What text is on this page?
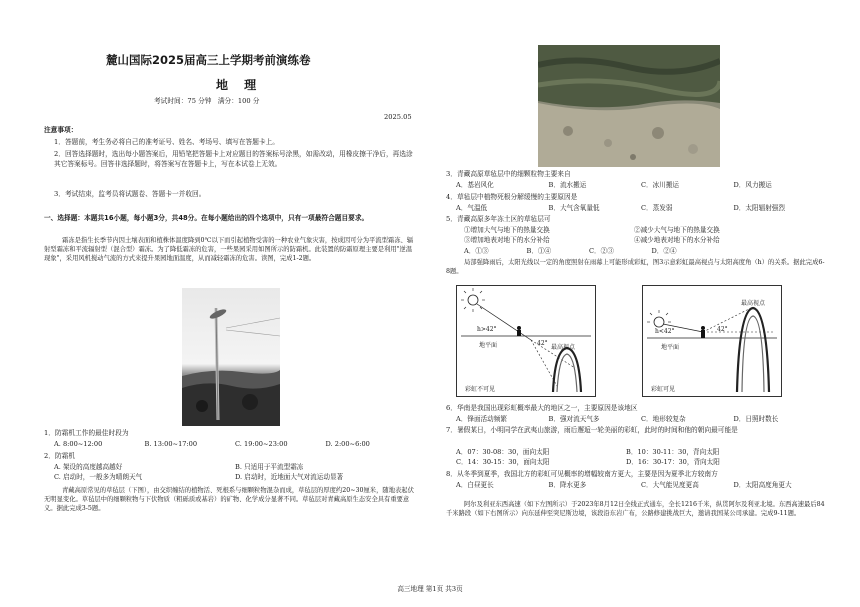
麓山国际2025届高三上学期考前演练卷
地 理
考试时间：75 分钟   满分：100 分
2025.05
注意事项：
1．答题前，考生务必将自己的准考证号、姓名、考场号、填写在答题卡上。
2．回答选择题时，选出每小题答案后，用铅笔把答题卡上对应题目的答案标号涂黑，如需改动，用橡皮擦干净后，再选涂其它答案标号。回答非选择题时，将答案写在答题卡上，写在本试卷上无效。
3．考试结束，监考员将试题卷、答题卡一并收回。
一、选择题：本题共16小题，每小题3分，共48分。在每小题给出的四个选项中，只有一项最符合题目要求。
霜冻是指生长季节内因土壤表面和植株体温度降到0℃以下而引起植物受害的一种农业气象灾害，按成因可分为平流型霜冻、辐射型霜冻和平流辐射型（混合型）霜冻。为了降低霜冻的危害，一些果园采用如图所示的防霜机。此装置的防霜原理主要是利用"逆温现象"，采用风机搅动气流的方式来提升果园地面温度，从而减轻霜冻的危害。读图，完成1-2题。
1．防霜机工作的最佳时段为
A. 8:00~12:00	B. 13:00~17:00	C. 19:00~23:00	D. 2:00~6:00
2．防霜机
A. 架设的高度越高越好	B. 只适用于平流型霜冻
C. 启动时，一般多为晴朗天气	D. 启动时，近地面大气对流运动显著
青藏高原常见的草毡层（下图），由交织缠结的植物活、死根系与细颗粒物混杂而成，草毡层的厚度约20~30厘米，随地表起伏无明显变化。草毡层中的细颗粒物与下伏物质（粗砾质或基岩）的矿物、化学成分显著不同。草毡层对青藏高原生态安全具有重要意义。据此完成3-5题。
3．青藏高原草毡层中的细颗粒物主要来自
A．基岩风化	B．流水搬运	C．冰川搬运	D．风力搬运
4．草毡层中植物死根分解缓慢的主要原因是
A．气温低	B．大气含氧量低	C．蒸发弱	D．太阳辐射强烈
5．青藏高原多年冻土区的草毡层可
①增加大气与地下的热量交换	②减少大气与地下的热量交换
③增加地表对地下的水分补给	④减少地表对地下的水分补给
A．①③	B．①④	C．②③	D．②④
局部强降雨后，太阳光线以一定的角度照射在雨幕上可能形成彩虹，图3示意彩虹最高视点与太阳高度角（h）的关系。据此完成6-8题。
h>42°
42°
最高视点
地平面
彩虹不可见
h<42°	42°
最高视点
地平面
彩虹可见
6．华南是我国出现彩虹概率最大的地区之一，主要原因是该地区
A．锋面活动频繁	B．强对流天气多	C．地形较复杂	D．日照时数长
7．暑假某日，小明同学在武夷山旅游，雨后邂逅一轮美丽的彩虹，此时的时间和他的朝向最可能是
A．07：30-08：30，面向太阳	B．10：30-11：30，背向太阳
C．14：30-15：30，面向太阳	D．16：30-17：30，背向太阳
8．从冬季到夏季，我国北方的彩虹可见概率的增幅较南方更大，主要是因为夏季北方较南方
A．白昼更长	B．降水更多	C．大气能见度更高	D．太阳高度角更大
阿尔及利亚东西高速（如下左图所示）于2023年8月12日全线正式通车，全长1216千米，纵贯阿尔及利亚北境。东西高速最后84千米路段（如下右图所示）向东延伸至突尼斯边境，该段沿东岩广布，公路修建挑战巨大，邀请我国某公司承建。完成9-11题。
高三地理 第1页 共3页
